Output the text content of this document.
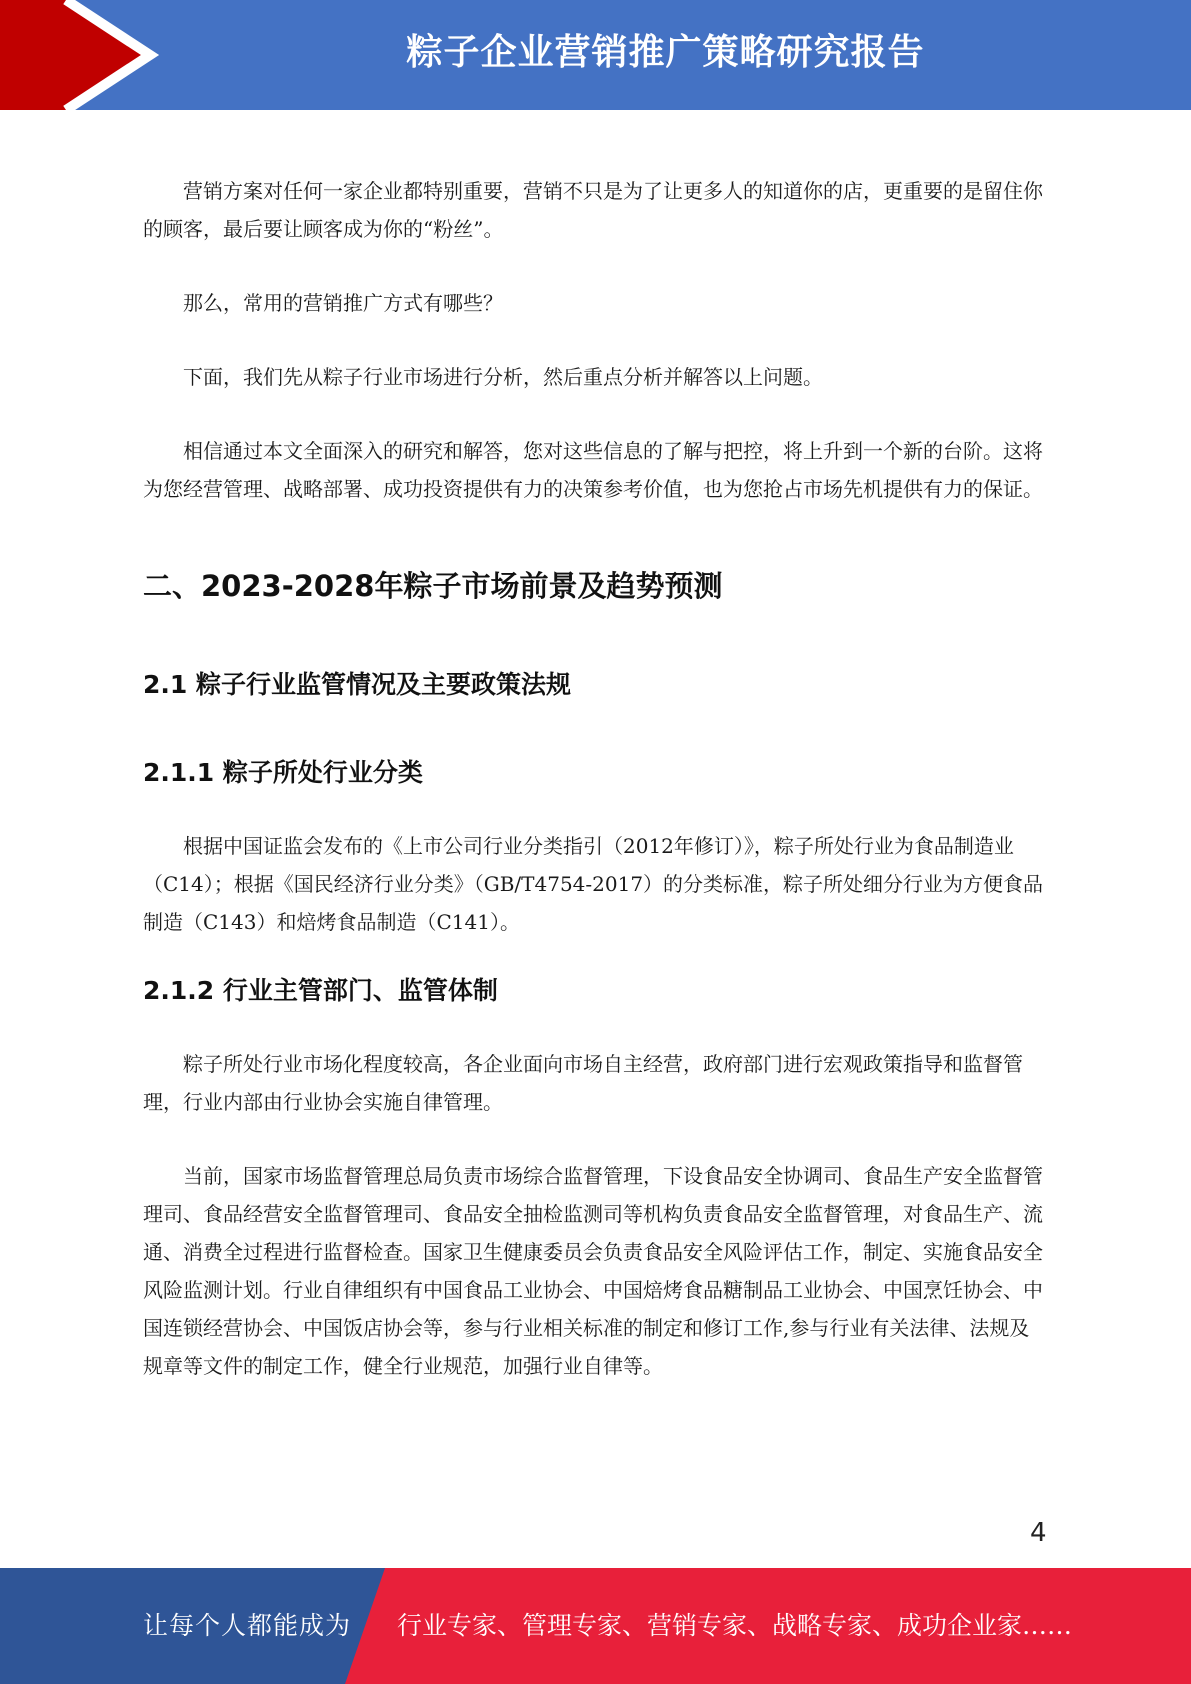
粽子企业营销推广策略研究报告

营销方案对任何一家企业都特别重要，营销不只是为了让更多人的知道你的店，更重要的是留住你的顾客，最后要让顾客成为你的“粉丝”。

那么，常用的营销推广方式有哪些？

下面，我们先从粽子行业市场进行分析，然后重点分析并解答以上问题。

相信通过本文全面深入的研究和解答，您对这些信息的了解与把控，将上升到一个新的台阶。这将为您经营管理、战略部署、成功投资提供有力的决策参考价值，也为您抢占市场先机提供有力的保证。

二、2023-2028年粽子市场前景及趋势预测
2.1 粽子行业监管情况及主要政策法规
2.1.1 粽子所处行业分类

根据中国证监会发布的《上市公司行业分类指引（2012年修订）》，粽子所处行业为食品制造业（C14）；根据《国民经济行业分类》（GB/T4754-2017）的分类标准，粽子所处细分行业为方便食品制造（C143）和焙烤食品制造（C141）。

2.1.2 行业主管部门、监管体制

粽子所处行业市场化程度较高，各企业面向市场自主经营，政府部门进行宏观政策指导和监督管理，行业内部由行业协会实施自律管理。

当前，国家市场监督管理总局负责市场综合监督管理，下设食品安全协调司、食品生产安全监督管理司、食品经营安全监督管理司、食品安全抽检监测司等机构负责食品安全监督管理，对食品生产、流通、消费全过程进行监督检查。国家卫生健康委员会负责食品安全风险评估工作，制定、实施食品安全风险监测计划。行业自律组织有中国食品工业协会、中国焙烤食品糖制品工业协会、中国烹饪协会、中国连锁经营协会、中国饭店协会等，参与行业相关标准的制定和修订工作,参与行业有关法律、法规及规章等文件的制定工作，健全行业规范，加强行业自律等。

4
让每个人都能成为 行业专家、管理专家、营销专家、战略专家、成功企业家……
